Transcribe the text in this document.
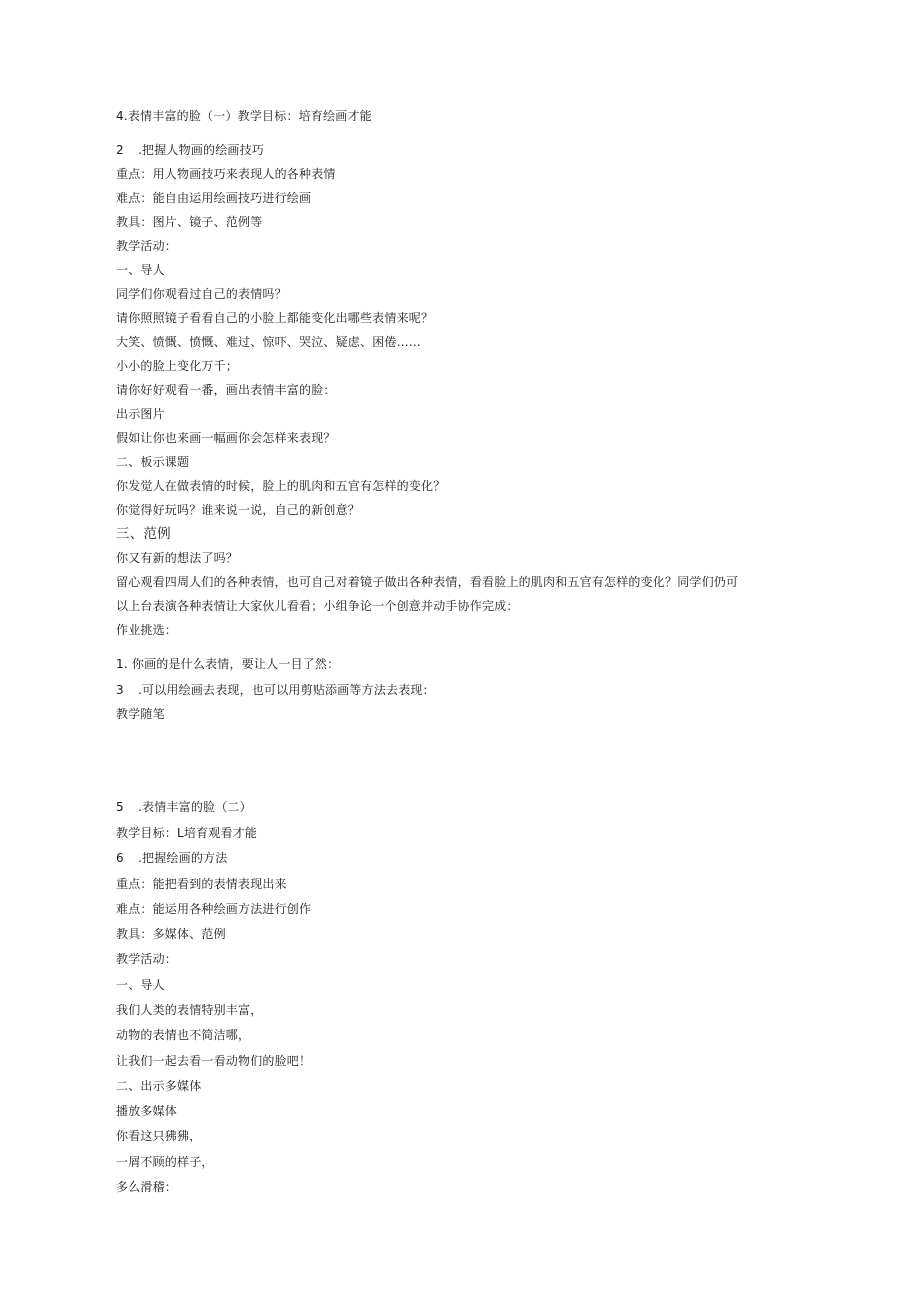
4.表情丰富的脸（一）教学目标：培育绘画才能
2 .把握人物画的绘画技巧
重点：用人物画技巧来表现人的各种表情
难点：能自由运用绘画技巧进行绘画
教具：图片、镜子、范例等
教学活动：
一、导人
同学们你观看过自己的表情吗？
请你照照镜子看看自己的小脸上都能变化出哪些表情来呢？
大笑、愤慨、愤慨、难过、惊吓、哭泣、疑虑、困倦……
小小的脸上变化万千；
请你好好观看一番，画出表情丰富的脸：
出示图片
假如让你也来画一幅画你会怎样来表现？
二、板示课题
你发觉人在做表情的时候，脸上的肌肉和五官有怎样的变化？
你觉得好玩吗？谁来说一说，自己的新创意？
三、范例
你又有新的想法了吗？
留心观看四周人们的各种表情，也可自己对着镜子做出各种表情，看看脸上的肌肉和五官有怎样的变化？同学们仍可
以上台表演各种表情让大家伙儿看看；小组争论一个创意并动手协作完成：
作业挑选：
1. 你画的是什么表情，要让人一目了然：
3 .可以用绘画去表现，也可以用剪贴添画等方法去表现：
教学随笔
5 .表情丰富的脸（二）
教学目标：L培育观看才能
6 .把握绘画的方法
重点：能把看到的表情表现出来
难点：能运用各种绘画方法进行创作
教具：多媒体、范例
教学活动：
一、导人
我们人类的表情特别丰富，
动物的表情也不简洁哪，
让我们一起去看一看动物们的脸吧！
二、出示多媒体
播放多媒体
你看这只狒狒，
一屑不顾的样子，
多么滑稽：
